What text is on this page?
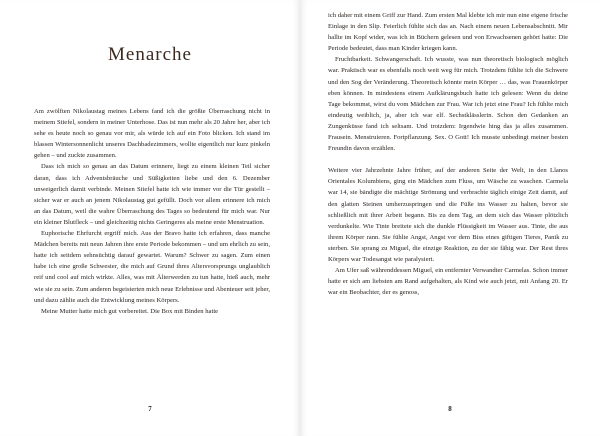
Menarche

Am zwölften Nikolaustag meines Lebens fand ich die größte Überraschung nicht in meinem Stiefel, sondern in meiner Unterhose. Das ist nun mehr als 20 Jahre her, aber ich sehe es heute noch so genau vor mir, als würde ich auf ein Foto blicken. Ich stand im blassen Wintersonnenlicht unseres Dachbadezimmers, wollte eigentlich nur kurz pinkeln gehen – und zuckte zusammen.

Dass ich mich so genau an das Datum erinnere, liegt zu einem kleinen Teil sicher daran, dass ich Adventsbräuche und Süßigkeiten liebe und den 6. Dezember unweigerlich damit verbinde. Meinen Stiefel hatte ich wie immer vor die Tür gestellt – sicher war er auch an jenem Nikolaustag gut gefüllt. Doch vor allem erinnere ich mich an das Datum, weil die wahre Überraschung des Tages so bedeutend für mich war. Nur ein kleiner Blutfleck – und gleichzeitig nichts Geringeres als meine erste Menstruation.

Euphorische Ehrfurcht ergriff mich. Aus der Bravo hatte ich erfahren, dass manche Mädchen bereits mit neun Jahren ihre erste Periode bekommen – und um ehrlich zu sein, hatte ich seitdem sehnsüchtig darauf gewartet. Warum? Schwer zu sagen. Zum einen habe ich eine große Schwester, die mich auf Grund ihres Altersvorsprungs unglaublich reif und cool auf mich wirkte. Alles, was mit Älterwerden zu tun hatte, hieß auch, mehr wie sie zu sein. Zum anderen begeisterten mich neue Erlebnisse und Abenteuer seit jeher, und dazu zählte auch die Entwicklung meines Körpers.

Meine Mutter hatte mich gut vorbereitet. Die Box mit Binden hatte

7

ich daher mit einem Griff zur Hand. Zum ersten Mal klebte ich mir nun eine eigene frische Einlage in den Slip. Feierlich fühlte sich das an. Nach einem neuen Lebensabschnitt. Mir hallte im Kopf wider, was ich in Büchern gelesen und von Erwachsenen gehört hatte: Die Periode bedeutet, dass man Kinder kriegen kann.

Fruchtbarkeit. Schwangerschaft. Ich wusste, was nun theoretisch biologisch möglich war. Praktisch war es ebenfalls noch weit weg für mich. Trotzdem fühlte ich die Schwere und den Sog der Veränderung. Theoretisch könnte mein Körper … das, was Frauenkörper eben können. In mindestens einem Aufklärungsbuch hatte ich gelesen: Wenn du deine Tage bekommst, wirst du vom Mädchen zur Frau. War ich jetzt eine Frau? Ich fühlte mich eindeutig weiblich, ja, aber ich war elf. Sechstklässlerin. Schon den Gedanken an Zungenküsse fand ich seltsam. Und trotzdem: Irgendwie hing das ja alles zusammen. Frausein. Menstruieren. Fortpflanzung. Sex. O Gott! Ich musste unbedingt meiner besten Freundin davon erzählen.

Weitere vier Jahrzehnte Jahre früher, auf der anderen Seite der Welt, in den Llanos Orientales Kolumbiens, ging ein Mädchen zum Fluss, um Wäsche zu waschen. Carmela war 14, sie bändigte die mächtige Strömung und verbrachte täglich einige Zeit damit, auf den glatten Steinen umherzuspringen und die Füße ins Wasser zu halten, bevor sie schließlich mit ihrer Arbeit begann. Bis zu dem Tag, an dem sich das Wasser plötzlich verdunkelte. Wie Tinte breitete sich die dunkle Flüssigkeit im Wasser aus. Tinte, die aus ihrem Körper rann. Sie fühlte Angst, Angst vor dem Biss eines giftigen Tieres, Panik zu sterben. Sie sprang zu Miguel, die einzige Reaktion, zu der sie fähig war. Der Rest ihres Körpers war Todesangst wie paralysiert.

Am Ufer saß währenddessen Miguel, ein entfernter Verwandter Carmelas. Schon immer hatte er sich am liebsten am Rand aufgehalten, als Kind wie auch jetzt, mit Anfang 20. Er war ein Beobachter, der es genoss,

8
